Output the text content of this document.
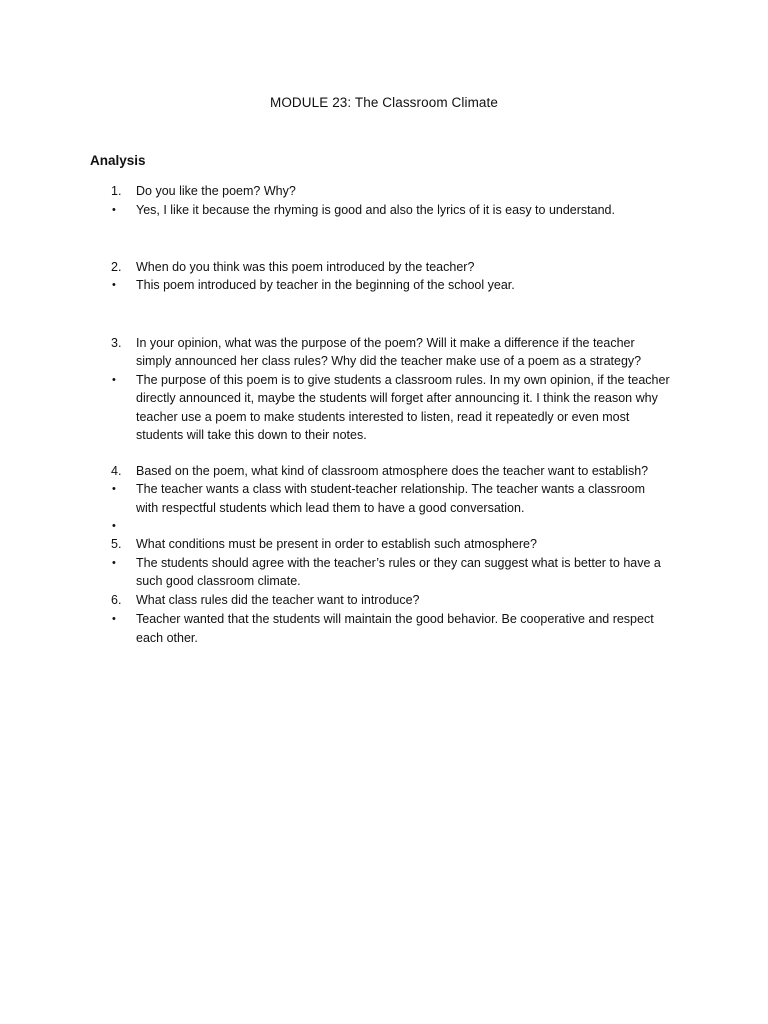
MODULE 23: The Classroom Climate
Analysis
1.	Do you like the poem? Why?
• Yes, I like it because the rhyming is good and also the lyrics of it is easy to understand.
2.	When do you think was this poem introduced by the teacher?
• This poem introduced by teacher in the beginning of the school year.
3.	In your opinion, what was the purpose of the poem? Will it make a difference if the teacher
simply announced her class rules? Why did the teacher make use of a poem as a strategy?
• The purpose of this poem is to give students a classroom rules. In my own opinion, if the teacher
directly announced it, maybe the students will forget after announcing it. I think the reason why
teacher use a poem to make students interested to listen, read it repeatedly or even most
students will take this down to their notes.
4.	Based on the poem, what kind of classroom atmosphere does the teacher want to establish?
• The teacher wants a class with student-teacher relationship. The teacher wants a classroom
with respectful students which lead them to have a good conversation.
•
5.	What conditions must be present in order to establish such atmosphere?
• The students should agree with the teacher’s rules or they can suggest what is better to have a
such good classroom climate.
6.	What class rules did the teacher want to introduce?
• Teacher wanted that the students will maintain the good behavior. Be cooperative and respect
each other.
